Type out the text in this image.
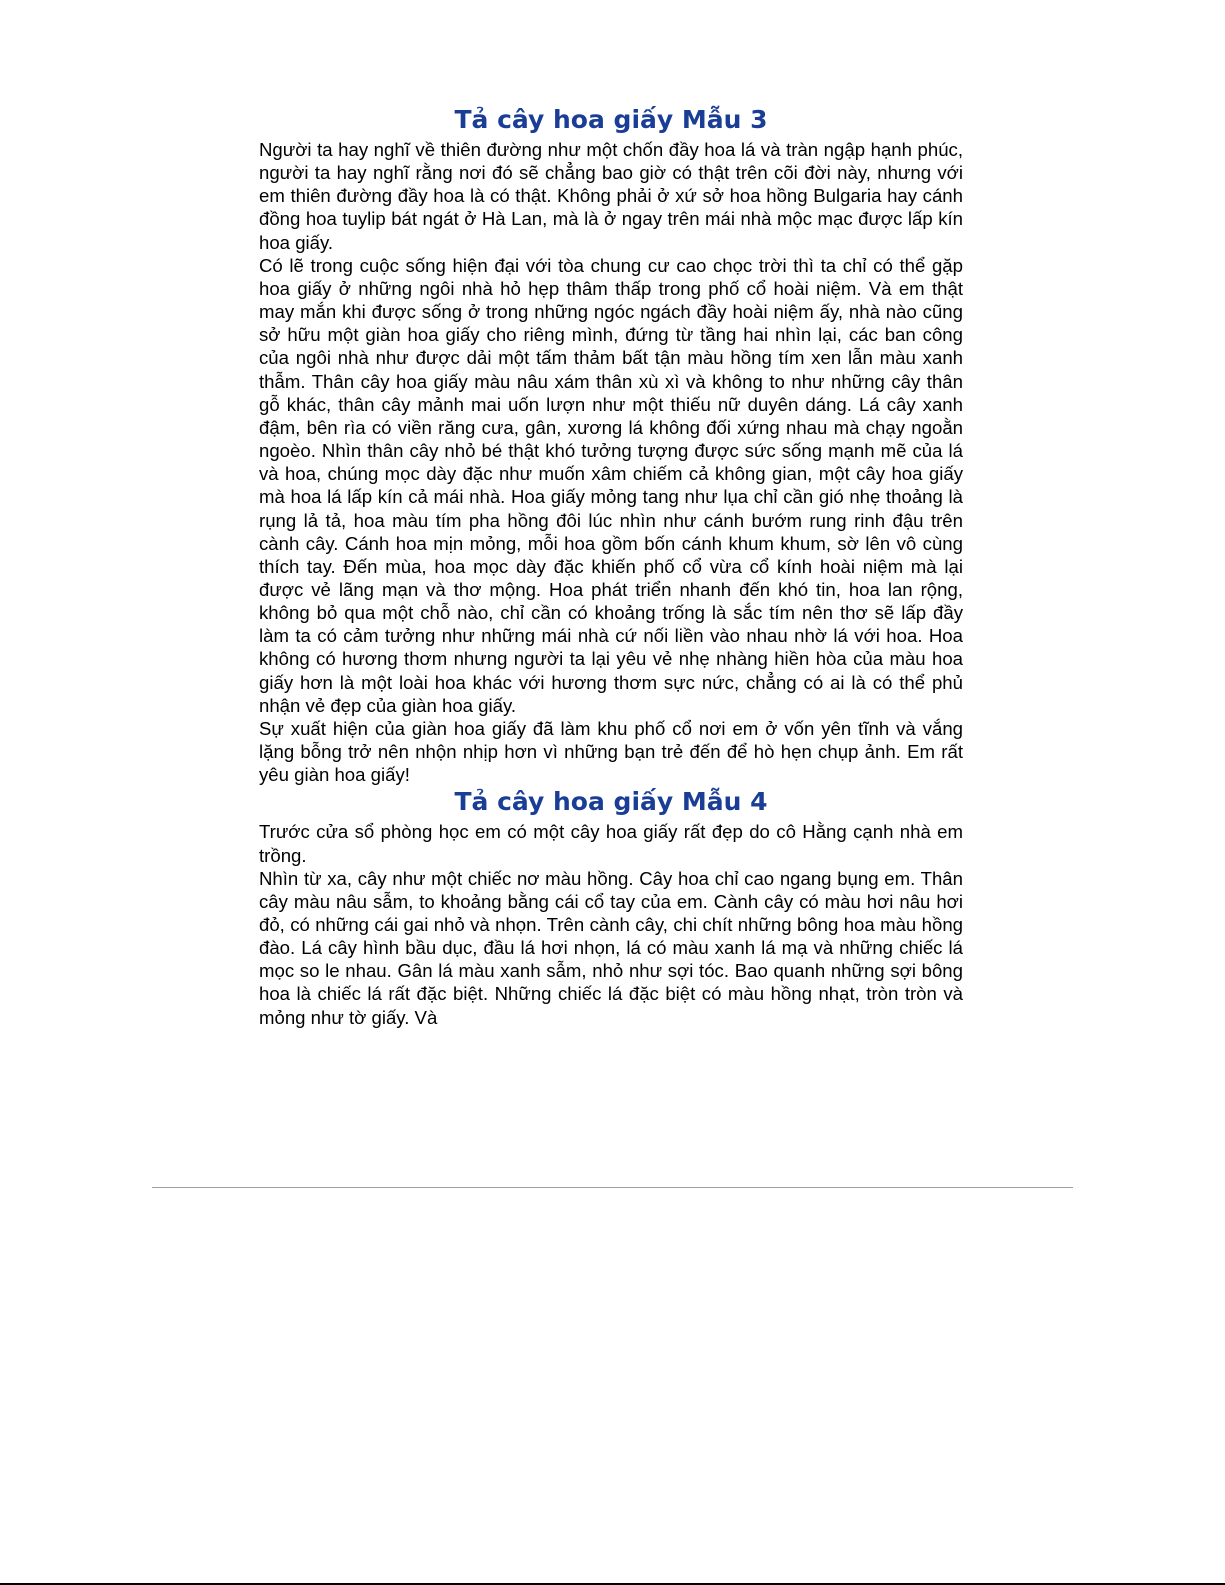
Tả cây hoa giấy Mẫu 3

Người ta hay nghĩ về thiên đường như một chốn đầy hoa lá và tràn ngập hạnh phúc, người ta hay nghĩ rằng nơi đó sẽ chẳng bao giờ có thật trên cõi đời này, nhưng với em thiên đường đầy hoa là có thật. Không phải ở xứ sở hoa hồng Bulgaria hay cánh đồng hoa tuylip bát ngát ở Hà Lan, mà là ở ngay trên mái nhà mộc mạc được lấp kín hoa giấy.

Có lẽ trong cuộc sống hiện đại với tòa chung cư cao chọc trời thì ta chỉ có thể gặp hoa giấy ở những ngôi nhà hỏ hẹp thâm thấp trong phố cổ hoài niệm. Và em thật may mắn khi được sống ở trong những ngóc ngách đầy hoài niệm ấy, nhà nào cũng sở hữu một giàn hoa giấy cho riêng mình, đứng từ tầng hai nhìn lại, các ban công của ngôi nhà như được dải một tấm thảm bất tận màu hồng tím xen lẫn màu xanh thẫm. Thân cây hoa giấy màu nâu xám thân xù xì và không to như những cây thân gỗ khác, thân cây mảnh mai uốn lượn như một thiếu nữ duyên dáng. Lá cây xanh đậm, bên rìa có viền răng cưa, gân, xương lá không đối xứng nhau mà chạy ngoằn ngoèo. Nhìn thân cây nhỏ bé thật khó tưởng tượng được sức sống mạnh mẽ của lá và hoa, chúng mọc dày đặc như muốn xâm chiếm cả không gian, một cây hoa giấy mà hoa lá lấp kín cả mái nhà. Hoa giấy mỏng tang như lụa chỉ cần gió nhẹ thoảng là rụng lả tả, hoa màu tím pha hồng đôi lúc nhìn như cánh bướm rung rinh đậu trên cành cây. Cánh hoa mịn mỏng, mỗi hoa gồm bốn cánh khum khum, sờ lên vô cùng thích tay. Đến mùa, hoa mọc dày đặc khiến phố cổ vừa cổ kính hoài niệm mà lại được vẻ lãng mạn và thơ mộng. Hoa phát triển nhanh đến khó tin, hoa lan rộng, không bỏ qua một chỗ nào, chỉ cần có khoảng trống là sắc tím nên thơ sẽ lấp đầy làm ta có cảm tưởng như những mái nhà cứ nối liền vào nhau nhờ lá với hoa. Hoa không có hương thơm nhưng người ta lại yêu vẻ nhẹ nhàng hiền hòa của màu hoa giấy hơn là một loài hoa khác với hương thơm sực nức, chẳng có ai là có thể phủ nhận vẻ đẹp của giàn hoa giấy.

Sự xuất hiện của giàn hoa giấy đã làm khu phố cổ nơi em ở vốn yên tĩnh và vắng lặng bỗng trở nên nhộn nhịp hơn vì những bạn trẻ đến để hò hẹn chụp ảnh. Em rất yêu giàn hoa giấy!

Tả cây hoa giấy Mẫu 4

Trước cửa sổ phòng học em có một cây hoa giấy rất đẹp do cô Hằng cạnh nhà em trồng.

Nhìn từ xa, cây như một chiếc nơ màu hồng. Cây hoa chỉ cao ngang bụng em. Thân cây màu nâu sẫm, to khoảng bằng cái cổ tay của em. Cành cây có màu hơi nâu hơi đỏ, có những cái gai nhỏ và nhọn. Trên cành cây, chi chít những bông hoa màu hồng đào. Lá cây hình bầu dục, đầu lá hơi nhọn, lá có màu xanh lá mạ và những chiếc lá mọc so le nhau. Gân lá màu xanh sẫm, nhỏ như sợi tóc. Bao quanh những sợi bông hoa là chiếc lá rất đặc biệt. Những chiếc lá đặc biệt có màu hồng nhạt, tròn tròn và mỏng như tờ giấy. Và
